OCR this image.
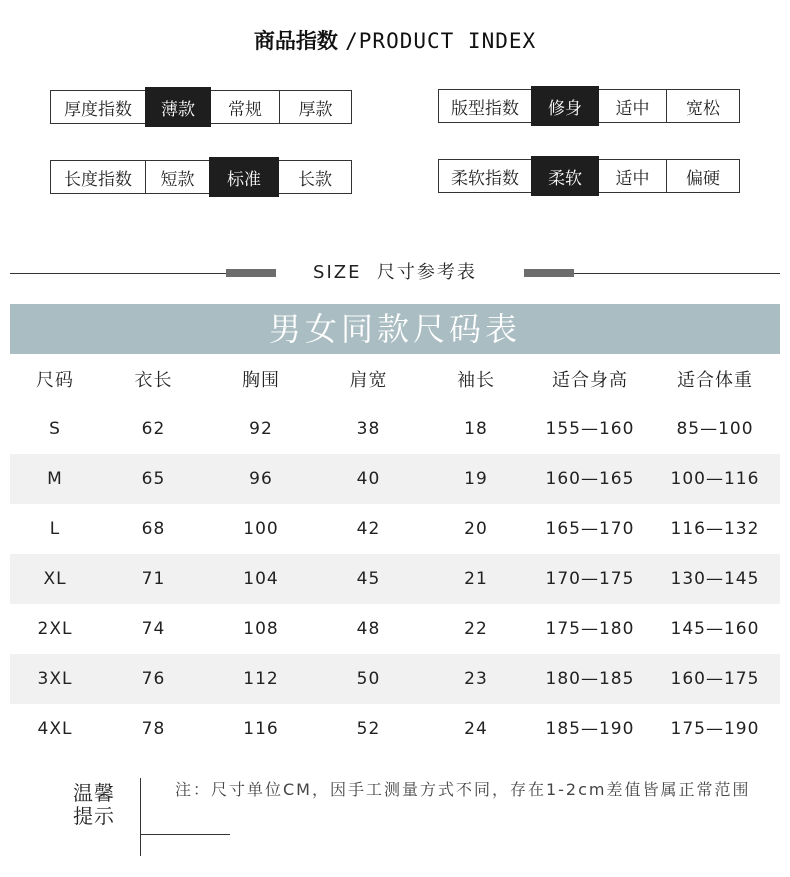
商品指数 /PRODUCT INDEX
厚度指数	薄款	常规	厚款	版型指数	修身	适中	宽松
长度指数	短款	标准	长款	柔软指数	柔软	适中	偏硬
SIZE  尺寸参考表
男女同款尺码表
尺码	衣长	胸围	肩宽	袖长	适合身高	适合体重
S	62	92	38	18	155—160	85—100
M	65	96	40	19	160—165	100—116
L	68	100	42	20	165—170	116—132
XL	71	104	45	21	170—175	130—145
2XL	74	108	48	22	175—180	145—160
3XL	76	112	50	23	180—185	160—175
4XL	78	116	52	24	185—190	175—190
温馨
提示
注：尺寸单位CM，因手工测量方式不同，存在1-2cm差值皆属正常范围
